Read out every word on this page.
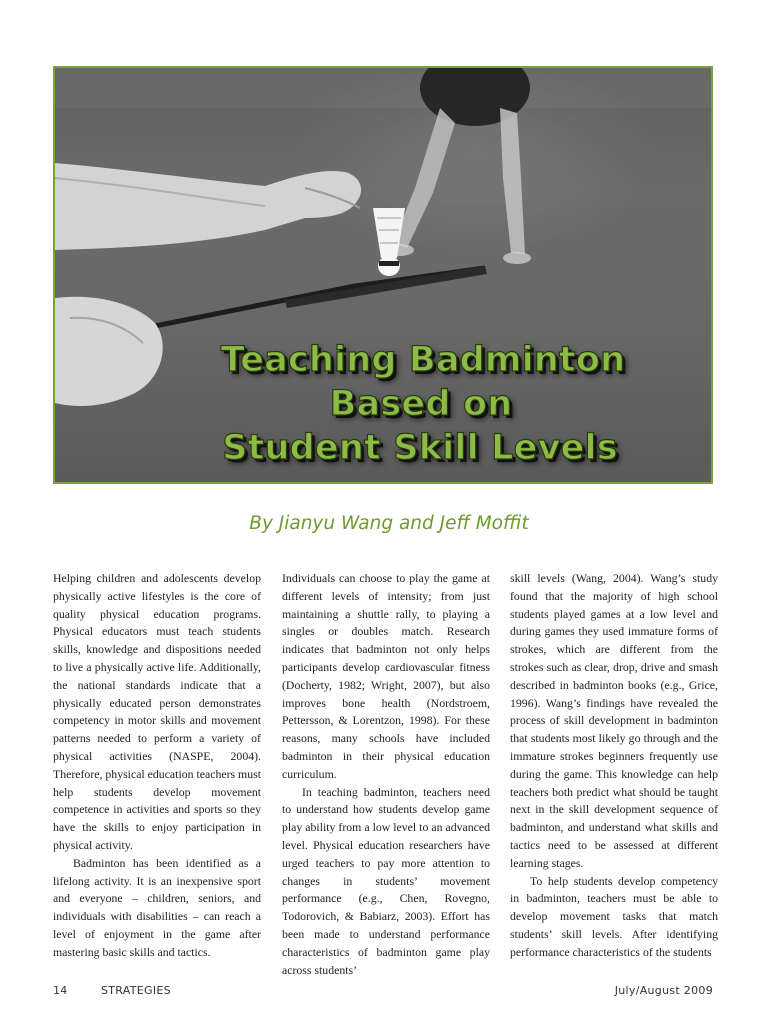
Teaching Badminton
Based on
Student Skill Levels
By Jianyu Wang and Jeff Moffit

Helping children and adolescents develop physically active lifestyles is the core of quality physical education programs. Physical educators must teach students skills, knowledge and dispositions needed to live a physically active life. Additionally, the national standards indicate that a physically educated person demonstrates competency in motor skills and movement patterns needed to perform a variety of physical activities (NASPE, 2004). Therefore, physical education teachers must help students develop movement competence in activities and sports so they have the skills to enjoy participation in physical activity.

Badminton has been identified as a lifelong activity. It is an inexpensive sport and everyone – children, seniors, and individuals with disabilities – can reach a level of enjoyment in the game after mastering basic skills and tactics.

Individuals can choose to play the game at different levels of intensity; from just maintaining a shuttle rally, to playing a singles or doubles match. Research indicates that badminton not only helps participants develop cardiovascular fitness (Docherty, 1982; Wright, 2007), but also improves bone health (Nordstroem, Pettersson, & Lorentzon, 1998). For these reasons, many schools have included badminton in their physical education curriculum.

In teaching badminton, teachers need to understand how students develop game play ability from a low level to an advanced level. Physical education researchers have urged teachers to pay more attention to changes in students’ movement performance (e.g., Chen, Rovegno, Todorovich, & Babiarz, 2003). Effort has been made to understand performance characteristics of badminton game play across students’

skill levels (Wang, 2004). Wang’s study found that the majority of high school students played games at a low level and during games they used immature forms of strokes, which are different from the strokes such as clear, drop, drive and smash described in badminton books (e.g., Grice, 1996). Wang’s findings have revealed the process of skill development in badminton that students most likely go through and the immature strokes beginners frequently use during the game. This knowledge can help teachers both predict what should be taught next in the skill development sequence of badminton, and understand what skills and tactics need to be assessed at different learning stages.

To help students develop competency in badminton, teachers must be able to develop movement tasks that match students’ skill levels. After identifying performance characteristics of the students

14	STRATEGIES	July/August 2009
